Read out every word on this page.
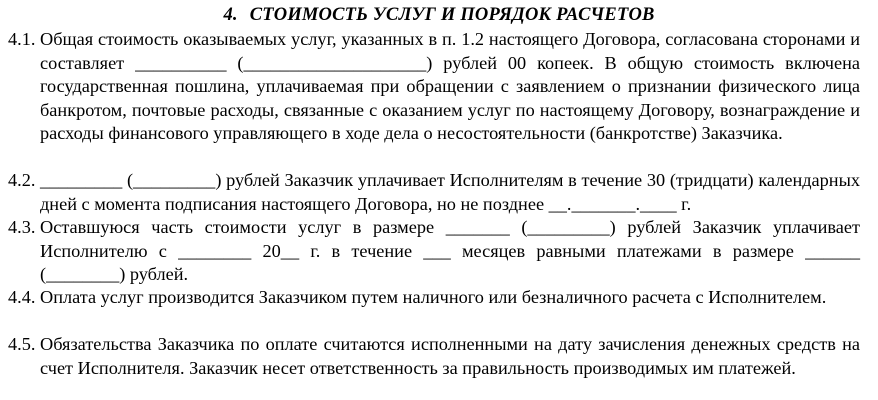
4. СТОИМОСТЬ УСЛУГ И ПОРЯДОК РАСЧЕТОВ
4.1. Общая стоимость оказываемых услуг, указанных в п. 1.2 настоящего Договора, согласована сторонами и составляет __________ (____________________) рублей 00 копеек. В общую стоимость включена государственная пошлина, уплачиваемая при обращении с заявлением о признании физического лица банкротом, почтовые расходы, связанные с оказанием услуг по настоящему Договору, вознаграждение и расходы финансового управляющего в ходе дела о несостоятельности (банкротстве) Заказчика.
4.2. _________ (_________) рублей Заказчик уплачивает Исполнителям в течение 30 (тридцати) календарных дней с момента подписания настоящего Договора, но не позднее __._______.____ г.
4.3. Оставшуюся часть стоимости услуг в размере _______ (_________) рублей Заказчик уплачивает Исполнителю с ________ 20__ г. в течение ___ месяцев равными платежами в размере ______ (________) рублей.
4.4. Оплата услуг производится Заказчиком путем наличного или безналичного расчета с Исполнителем.
4.5. Обязательства Заказчика по оплате считаются исполненными на дату зачисления денежных средств на счет Исполнителя. Заказчик несет ответственность за правильность производимых им платежей.
